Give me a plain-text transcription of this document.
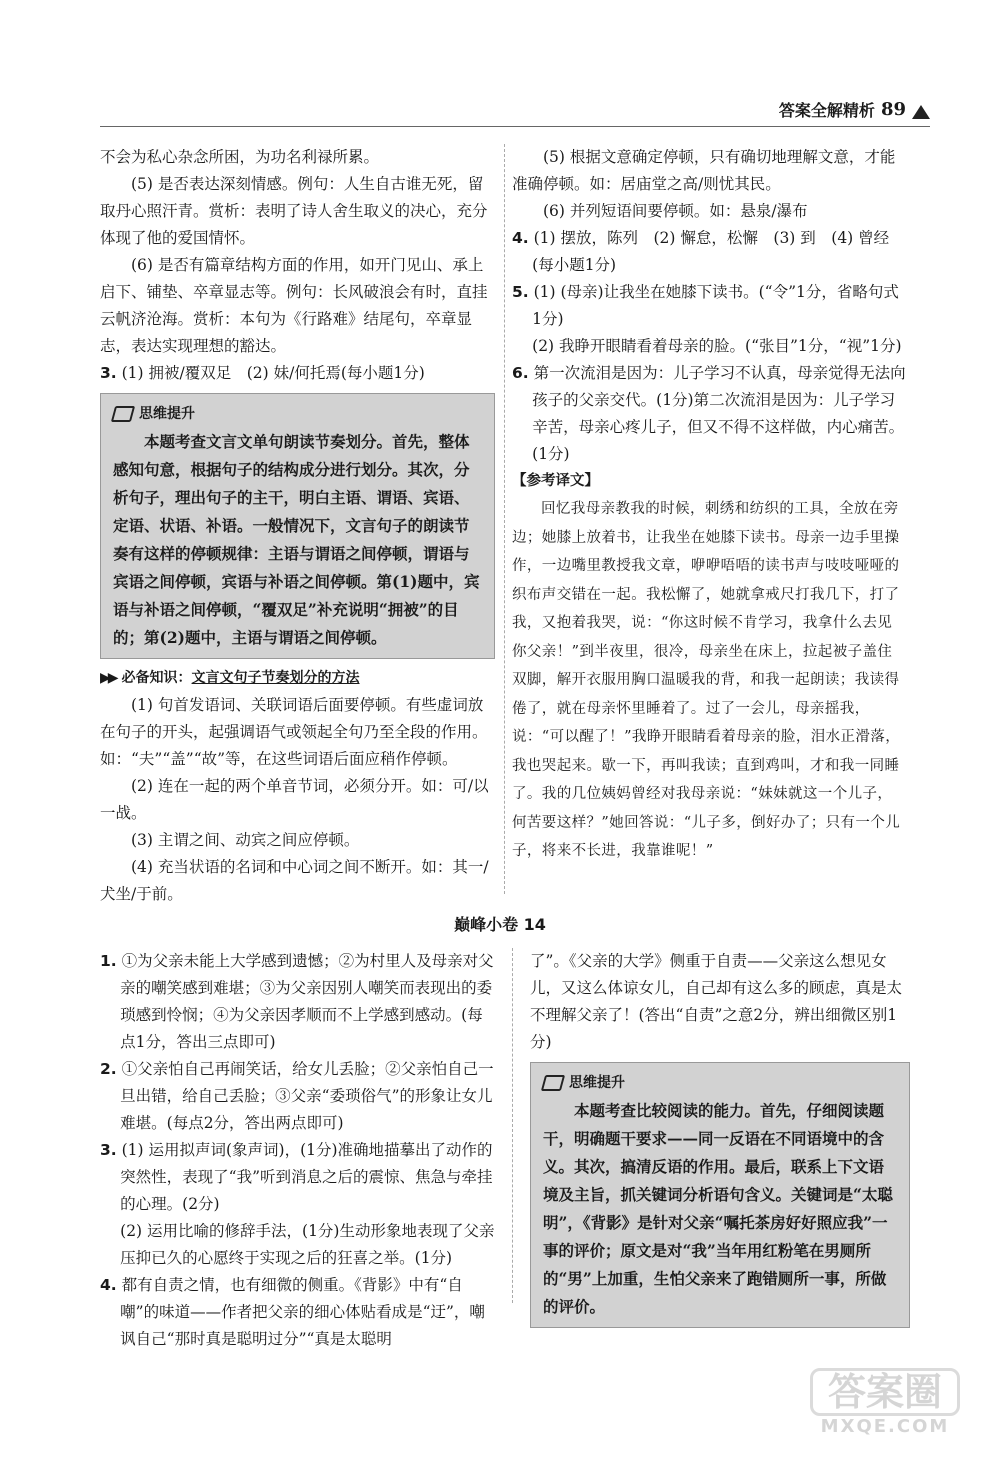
答案全解精析 89

不会为私心杂念所困，为功名利禄所累。

(5) 是否表达深刻情感。例句：人生自古谁无死，留取丹心照汗青。赏析：表明了诗人舍生取义的决心，充分体现了他的爱国情怀。

(6) 是否有篇章结构方面的作用，如开门见山、承上启下、铺垫、卒章显志等。例句：长风破浪会有时，直挂云帆济沧海。赏析：本句为《行路难》结尾句，卒章显志，表达实现理想的豁达。

3. (1) 拥被/覆双足　(2) 妹/何托焉(每小题1分)

思维提升

本题考查文言文单句朗读节奏划分。首先，整体感知句意，根据句子的结构成分进行划分。其次，分析句子，理出句子的主干，明白主语、谓语、宾语、定语、状语、补语。一般情况下，文言句子的朗读节奏有这样的停顿规律：主语与谓语之间停顿，谓语与宾语之间停顿，宾语与补语之间停顿。第(1)题中，宾语与补语之间停顿，“覆双足”补充说明“拥被”的目的；第(2)题中，主语与谓语之间停顿。

▶▶ 必备知识：文言文句子节奏划分的方法

(1) 句首发语词、关联词语后面要停顿。有些虚词放在句子的开头，起强调语气或领起全句乃至全段的作用。如：“夫”“盖”“故”等，在这些词语后面应稍作停顿。

(2) 连在一起的两个单音节词，必须分开。如：可/以一战。

(3) 主谓之间、动宾之间应停顿。

(4) 充当状语的名词和中心词之间不断开。如：其一/犬坐/于前。

(5) 根据文意确定停顿，只有确切地理解文意，才能准确停顿。如：居庙堂之高/则忧其民。

(6) 并列短语间要停顿。如：悬泉/瀑布

4. (1) 摆放，陈列　(2) 懈怠，松懈　(3) 到　(4) 曾经(每小题1分)

5. (1) (母亲)让我坐在她膝下读书。(“令”1分，省略句式1分)

(2) 我睁开眼睛看着母亲的脸。(“张目”1分，“视”1分)

6. 第一次流泪是因为：儿子学习不认真，母亲觉得无法向孩子的父亲交代。(1分)第二次流泪是因为：儿子学习辛苦，母亲心疼儿子，但又不得不这样做，内心痛苦。(1分)

【参考译文】

回忆我母亲教我的时候，刺绣和纺织的工具，全放在旁边；她膝上放着书，让我坐在她膝下读书。母亲一边手里操作，一边嘴里教授我文章，咿咿唔唔的读书声与吱吱哑哑的织布声交错在一起。我松懈了，她就拿戒尺打我几下，打了我，又抱着我哭，说：“你这时候不肯学习，我拿什么去见你父亲！”到半夜里，很冷，母亲坐在床上，拉起被子盖住双脚，解开衣服用胸口温暖我的背，和我一起朗读；我读得倦了，就在母亲怀里睡着了。过了一会儿，母亲摇我，说：“可以醒了！”我睁开眼睛看着母亲的脸，泪水正滑落，我也哭起来。歇一下，再叫我读；直到鸡叫，才和我一同睡了。我的几位姨妈曾经对我母亲说：“妹妹就这一个儿子，何苦要这样？”她回答说：“儿子多，倒好办了；只有一个儿子，将来不长进，我靠谁呢！”

巅峰小卷 14

1. ①为父亲未能上大学感到遗憾；②为村里人及母亲对父亲的嘲笑感到难堪；③为父亲因别人嘲笑而表现出的委琐感到怜悯；④为父亲因孝顺而不上学感到感动。(每点1分，答出三点即可)

2. ①父亲怕自己再闹笑话，给女儿丢脸；②父亲怕自己一旦出错，给自己丢脸；③父亲“委琐俗气”的形象让女儿难堪。(每点2分，答出两点即可)

3. (1) 运用拟声词(象声词)，(1分)准确地描摹出了动作的突然性，表现了“我”听到消息之后的震惊、焦急与牵挂的心理。(2分)

(2) 运用比喻的修辞手法，(1分)生动形象地表现了父亲压抑已久的心愿终于实现之后的狂喜之举。(1分)

4. 都有自责之情，也有细微的侧重。《背影》中有“自嘲”的味道——作者把父亲的细心体贴看成是“迂”，嘲讽自己“那时真是聪明过分”“真是太聪明

了”。《父亲的大学》侧重于自责——父亲这么想见女儿，又这么体谅女儿，自己却有这么多的顾虑，真是太不理解父亲了！(答出“自责”之意2分，辨出细微区别1分)

思维提升

本题考查比较阅读的能力。首先，仔细阅读题干，明确题干要求——同一反语在不同语境中的含义。其次，搞清反语的作用。最后，联系上下文语境及主旨，抓关键词分析语句含义。关键词是“太聪明”，《背影》是针对父亲“嘱托茶房好好照应我”一事的评价；原文是对“我”当年用红粉笔在男厕所的“男”上加重，生怕父亲来了跑错厕所一事，所做的评价。

答案圈
MXQE.COM
